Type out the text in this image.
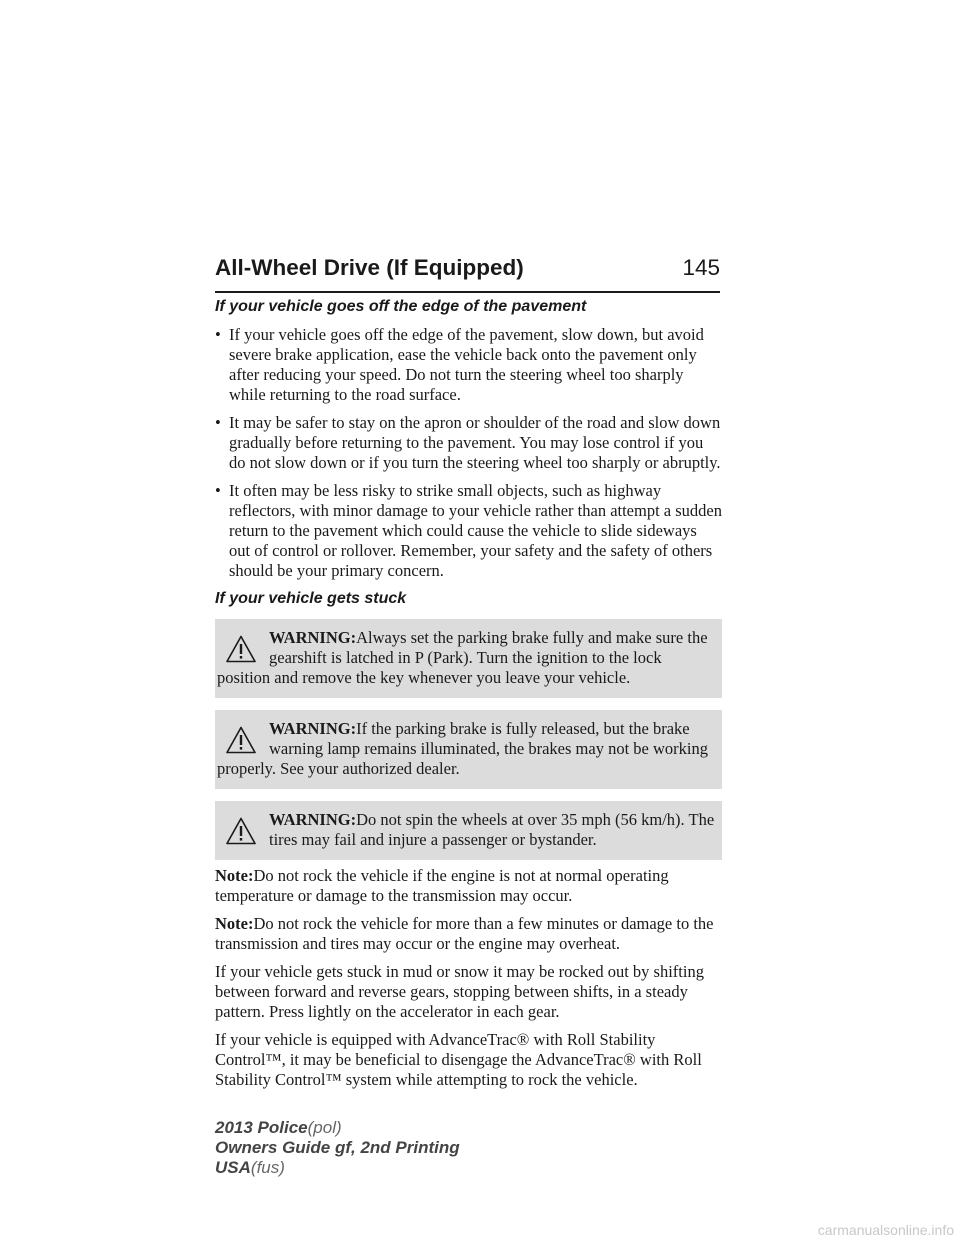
All-Wheel Drive (If Equipped)	145
If your vehicle goes off the edge of the pavement
• If your vehicle goes off the edge of the pavement, slow down, but avoid severe brake application, ease the vehicle back onto the pavement only after reducing your speed. Do not turn the steering wheel too sharply while returning to the road surface.
• It may be safer to stay on the apron or shoulder of the road and slow down gradually before returning to the pavement. You may lose control if you do not slow down or if you turn the steering wheel too sharply or abruptly.
• It often may be less risky to strike small objects, such as highway reflectors, with minor damage to your vehicle rather than attempt a sudden return to the pavement which could cause the vehicle to slide sideways out of control or rollover. Remember, your safety and the safety of others should be your primary concern.
If your vehicle gets stuck
WARNING:Always set the parking brake fully and make sure the gearshift is latched in P (Park). Turn the ignition to the lock position and remove the key whenever you leave your vehicle.
WARNING:If the parking brake is fully released, but the brake warning lamp remains illuminated, the brakes may not be working properly. See your authorized dealer.
WARNING:Do not spin the wheels at over 35 mph (56 km/h). The tires may fail and injure a passenger or bystander.

Note:Do not rock the vehicle if the engine is not at normal operating temperature or damage to the transmission may occur.

Note:Do not rock the vehicle for more than a few minutes or damage to the transmission and tires may occur or the engine may overheat.

If your vehicle gets stuck in mud or snow it may be rocked out by shifting between forward and reverse gears, stopping between shifts, in a steady pattern. Press lightly on the accelerator in each gear.

If your vehicle is equipped with AdvanceTrac® with Roll Stability Control™, it may be beneficial to disengage the AdvanceTrac® with Roll Stability Control™ system while attempting to rock the vehicle.

2013 Police(pol)
Owners Guide gf, 2nd Printing
USA(fus)
carmanualsonline.info
